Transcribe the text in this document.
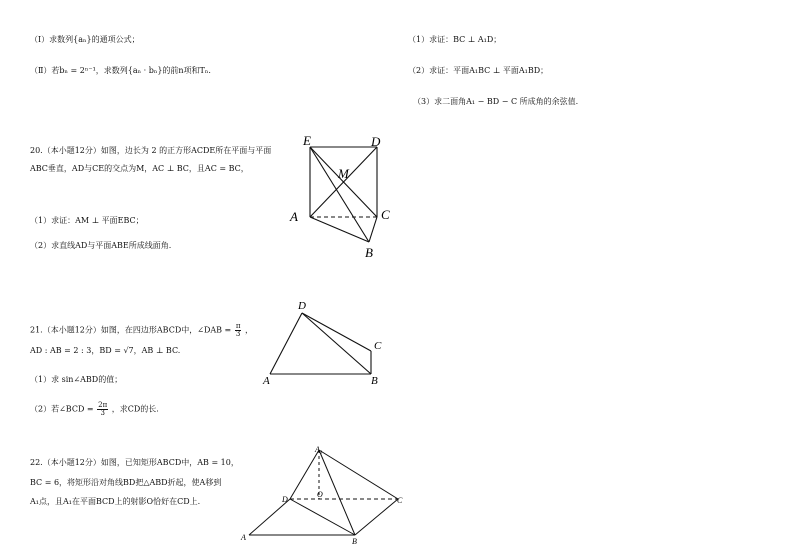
（Ⅰ）求数列{aₙ}的通项公式；
（Ⅱ）若bₙ = 2ⁿ⁻¹，求数列{aₙ · bₙ}的前n项和Tₙ.
（1）求证：BC ⊥ A₁D；
（2）求证：平面A₁BC ⊥ 平面A₁BD；
（3）求二面角A₁ − BD − C 所成角的余弦值.
20.（本小题12分）如图，边长为 2 的正方形ACDE所在平面与平面
ABC垂直，AD与CE的交点为M，AC ⊥ BC，且AC = BC，
（1）求证：AM ⊥ 平面EBC；
（2）求直线AD与平面ABE所成线面角.
E	D
M
A	C
B
21.（本小题12分）如图，在四边形ABCD中，∠DAB = $\frac{\pi}{3}$ ，
AD : AB = 2 : 3，BD = √7，AB ⊥ BC.
（1）求 sin∠ABD的值；
（2）若∠BCD = $\frac{2\pi}{3}$ ，求CD的长.
D
C
A	B
22.（本小题12分）如图，已知矩形ABCD中，AB = 10，
BC = 6，将矩形沿对角线BD把△ABD折起，使A移到
A₁点，且A₁在平面BCD上的射影O恰好在CD上.
A₁
D
O
C
A	B
